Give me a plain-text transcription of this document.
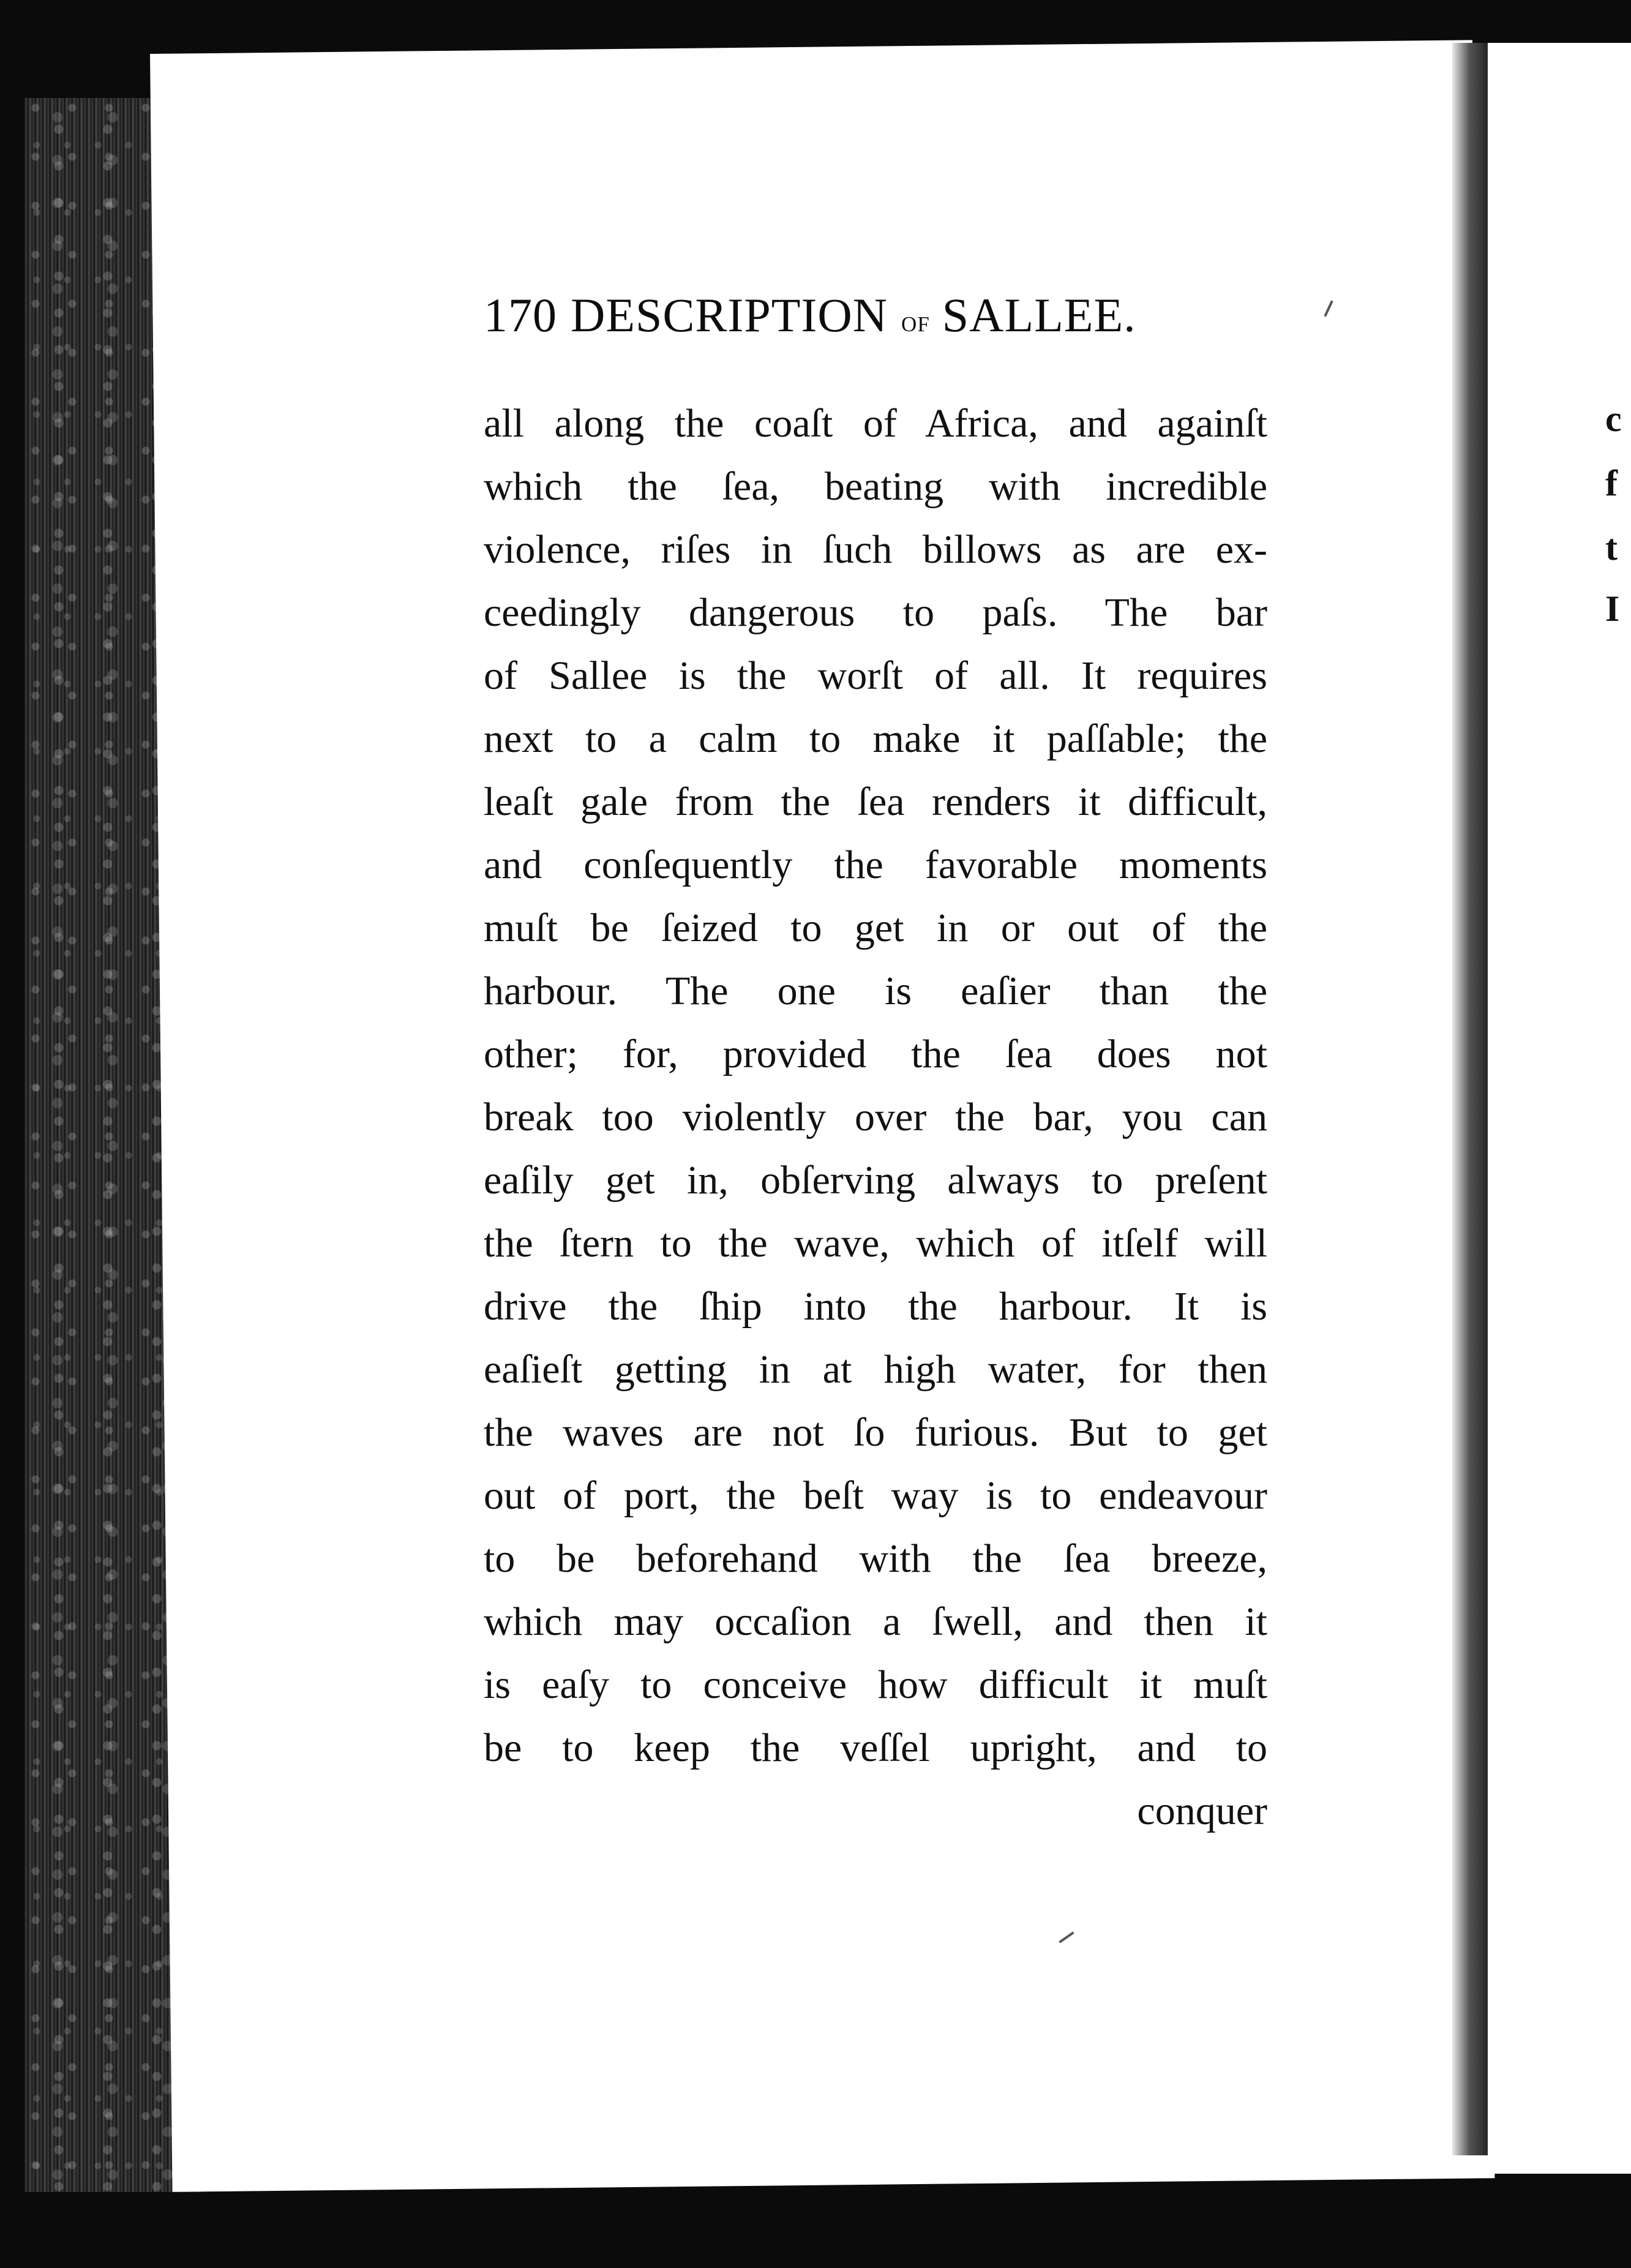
c
f
t
I
170 DESCRIPTION of SALLEE.
all along the coaſt of Africa, and againſt
which the ſea, beating with incredible
violence, riſes in ſuch billows as are ex-
ceedingly dangerous to paſs. The bar
of Sallee is the worſt of all. It requires
next to a calm to make it paſſable; the
leaſt gale from the ſea renders it difficult,
and conſequently the favorable moments
muſt be ſeized to get in or out of the
harbour. The one is eaſier than the
other; for, provided the ſea does not
break too violently over the bar, you can
eaſily get in, obſerving always to preſent
the ſtern to the wave, which of itſelf will
drive the ſhip into the harbour. It is
eaſieſt getting in at high water, for then
the waves are not ſo furious. But to get
out of port, the beſt way is to endeavour
to be beforehand with the ſea breeze,
which may occaſion a ſwell, and then it
is eaſy to conceive how difficult it muſt
be to keep the veſſel upright, and to
conquer
